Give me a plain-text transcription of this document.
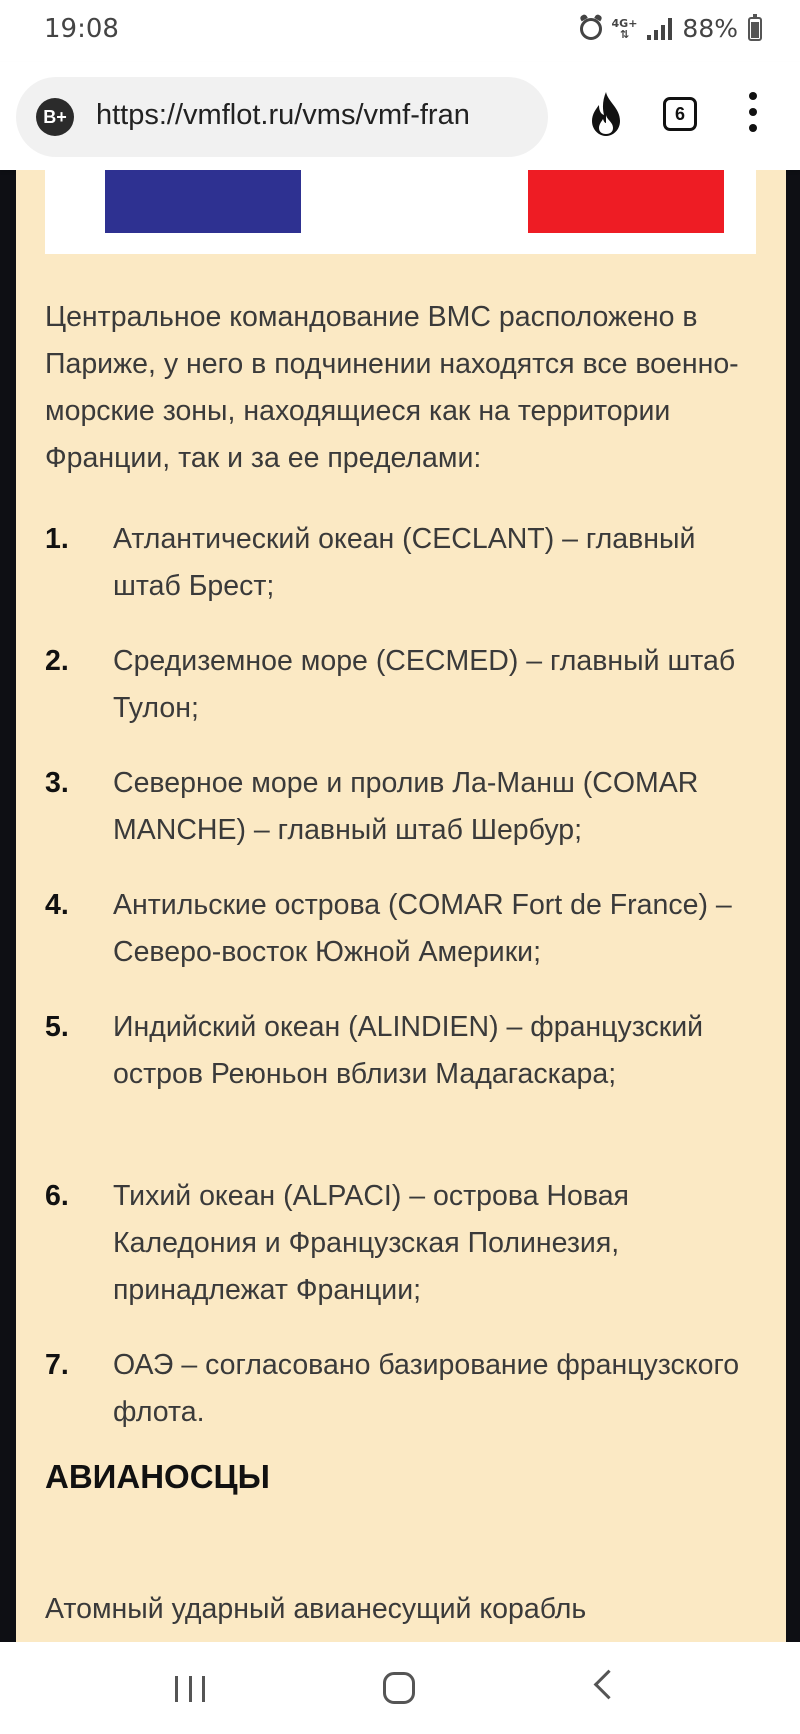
19:08	4G+
⇅	88%
B+ https://vmflot.ru/vms/vmf-fran	6

Центральное командование ВМС расположено в Париже, у него в подчинении находятся все военно-морские зоны, находящиеся как на территории Франции, так и за ее пределами:

1. Атлантический океан (CECLANT) – главный штаб Брест;
2. Средиземное море (CECMED) – главный штаб Тулон;
3. Северное море и пролив Ла-Манш (COMAR MANCHE) – главный штаб Шербур;
4. Антильские острова (COMAR Fort de France) – Северо-восток Южной Америки;
5. Индийский океан (ALINDIEN) – французский остров Реюньон вблизи Мадагаскара;
6. Тихий океан (ALPACI) – острова Новая Каледония и Французская Полинезия, принадлежат Франции;
7. ОАЭ – согласовано базирование французского флота.
АВИАНОСЦЫ

Атомный ударный авианесущий корабль
